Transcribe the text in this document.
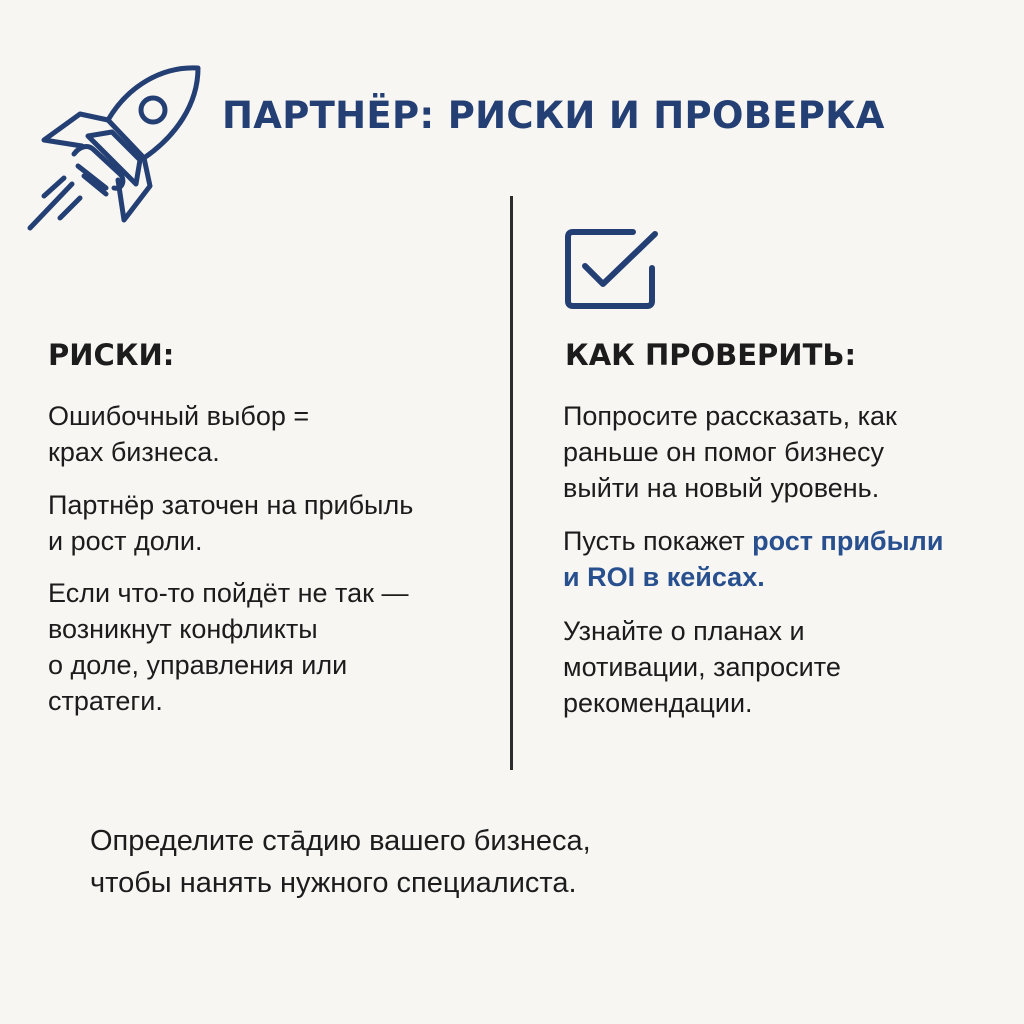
ПАРТНЁР: РИСКИ И ПРОВЕРКА
РИСКИ:	КАК ПРОВЕРИТЬ:
Ошибочный выбор =
крах бизнеса.
Партнёр заточен на прибыль
и рост доли.
Если что-то пойдёт не так —
возникнут конфликты
о доле, управления или
стратеги.
Попросите рассказать, как
раньше он помог бизнесу
выйти на новый уровень.
Пусть покажет рост прибыли
и ROI в кейсах.
Узнайте о планах и
мотивации, запросите
рекомендации.
Определите стāдию вашего бизнеса,
чтобы нанять нужного специалиста.
